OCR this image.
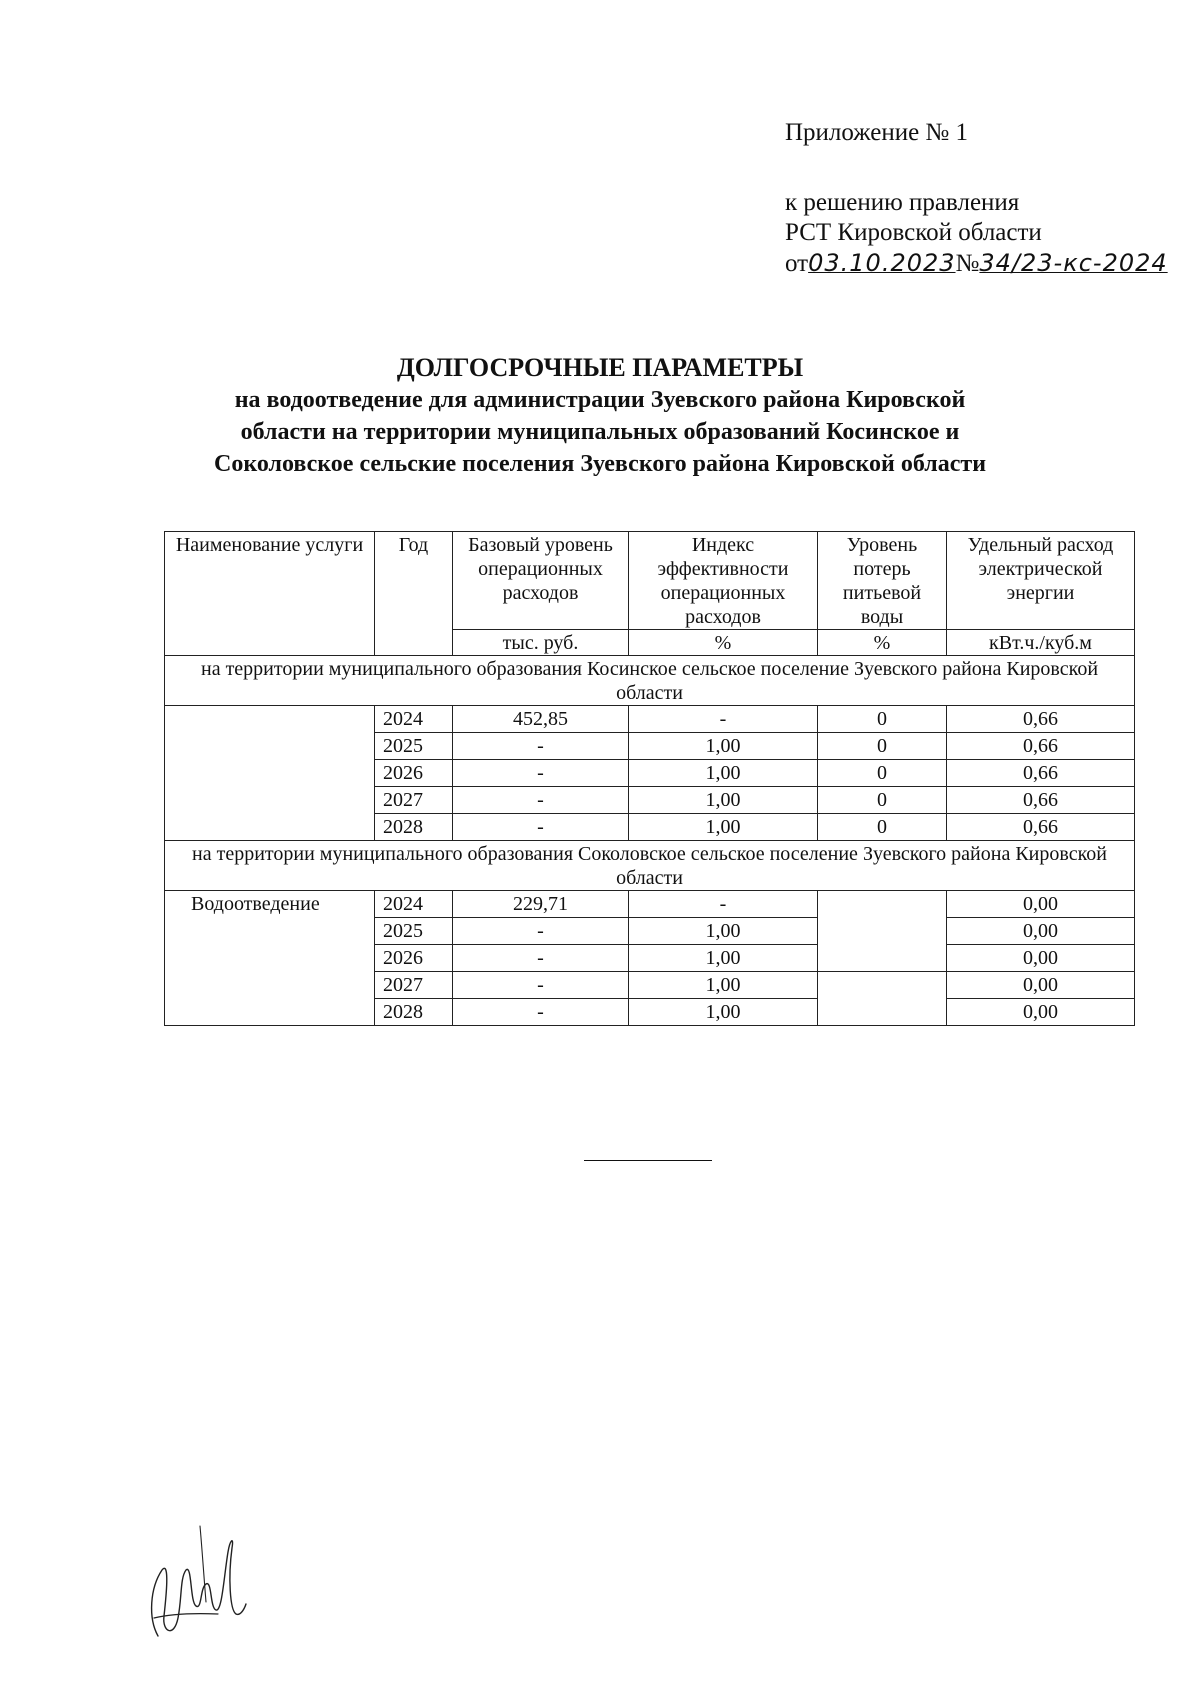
Приложение № 1
к решению правления
РСТ Кировской области
от03.10.2023№34/23-кс-2024
ДОЛГОСРОЧНЫЕ ПАРАМЕТРЫ
на водоотведение для администрации Зуевского района Кировской
области на территории муниципальных образований Косинское и
Соколовское сельские поселения Зуевского района Кировской области
Наименование услуги	Год	Базовый уровень операционных расходов	Индекс эффективности операционных расходов	Уровень потерь питьевой воды	Удельный расход электрической энергии
		тыс. руб.	%	%	кВт.ч./куб.м
на территории муниципального образования Косинское сельское поселение Зуевского района Кировской области					
	2024	452,85	-	0	0,66
	2025	-	1,00	0	0,66
	2026	-	1,00	0	0,66
	2027	-	1,00	0	0,66
	2028	-	1,00	0	0,66
на территории муниципального образования Соколовское сельское поселение Зуевского района Кировской области					
Водоотведение	2024	229,71	-		0,00
	2025	-	1,00		0,00
	2026	-	1,00		0,00
	2027	-	1,00		0,00
	2028	-	1,00		0,00
